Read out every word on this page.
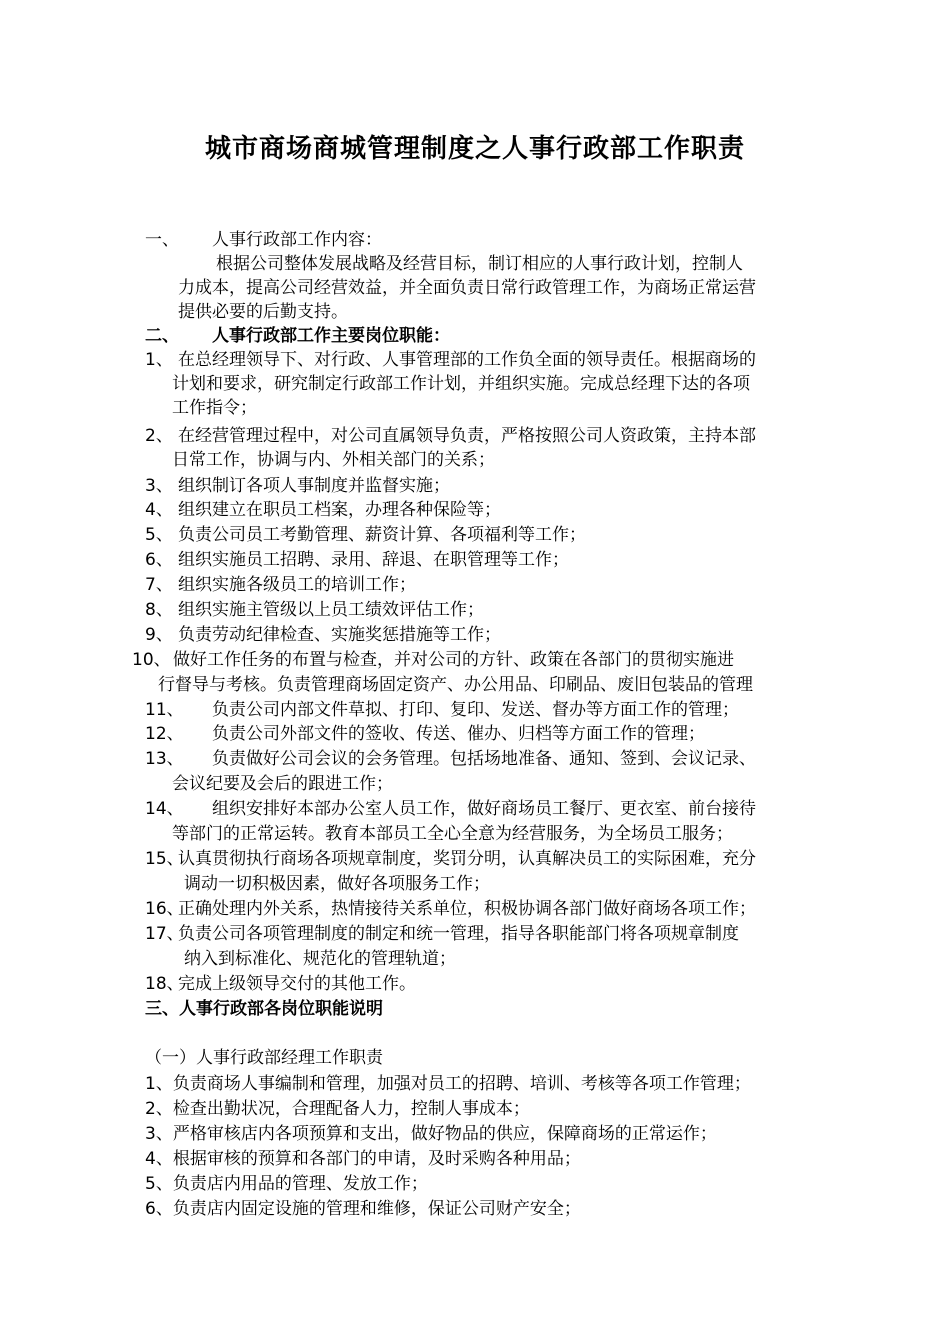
城市商场商城管理制度之人事行政部工作职责
一、 人事行政部工作内容：
根据公司整体发展战略及经营目标，制订相应的人事行政计划，控制人
力成本，提高公司经营效益，并全面负责日常行政管理工作，为商场正常运营
提供必要的后勤支持。
二、 人事行政部工作主要岗位职能：
1、 在总经理领导下、对行政、人事管理部的工作负全面的领导责任。根据商场的
计划和要求，研究制定行政部工作计划，并组织实施。完成总经理下达的各项
工作指令；
2、 在经营管理过程中，对公司直属领导负责，严格按照公司人资政策，主持本部
日常工作，协调与内、外相关部门的关系；
3、 组织制订各项人事制度并监督实施；
4、 组织建立在职员工档案，办理各种保险等；
5、 负责公司员工考勤管理、薪资计算、各项福利等工作；
6、 组织实施员工招聘、录用、辞退、在职管理等工作；
7、 组织实施各级员工的培训工作；
8、 组织实施主管级以上员工绩效评估工作；
9、 负责劳动纪律检查、实施奖惩措施等工作；
10、 做好工作任务的布置与检查，并对公司的方针、政策在各部门的贯彻实施进
行督导与考核。负责管理商场固定资产、办公用品、印刷品、废旧包装品的管理
11、 负责公司内部文件草拟、打印、复印、发送、督办等方面工作的管理；
12、 负责公司外部文件的签收、传送、催办、归档等方面工作的管理；
13、 负责做好公司会议的会务管理。包括场地准备、通知、签到、会议记录、
会议纪要及会后的跟进工作；
14、 组织安排好本部办公室人员工作，做好商场员工餐厅、更衣室、前台接待
等部门的正常运转。教育本部员工全心全意为经营服务，为全场员工服务；
15、
认真贯彻执行商场各项规章制度，奖罚分明，认真解决员工的实际困难，充分
调动一切积极因素，做好各项服务工作；
16、
正确处理内外关系，热情接待关系单位，积极协调各部门做好商场各项工作；
17、
负责公司各项管理制度的制定和统一管理，指导各职能部门将各项规章制度
纳入到标准化、规范化的管理轨道；
18、
完成上级领导交付的其他工作。
三、人事行政部各岗位职能说明
（一）人事行政部经理工作职责
1、负责商场人事编制和管理，加强对员工的招聘、培训、考核等各项工作管理；
2、检查出勤状况，合理配备人力，控制人事成本；
3、严格审核店内各项预算和支出，做好物品的供应，保障商场的正常运作；
4、根据审核的预算和各部门的申请，及时采购各种用品；
5、负责店内用品的管理、发放工作；
6、负责店内固定设施的管理和维修，保证公司财产安全；
